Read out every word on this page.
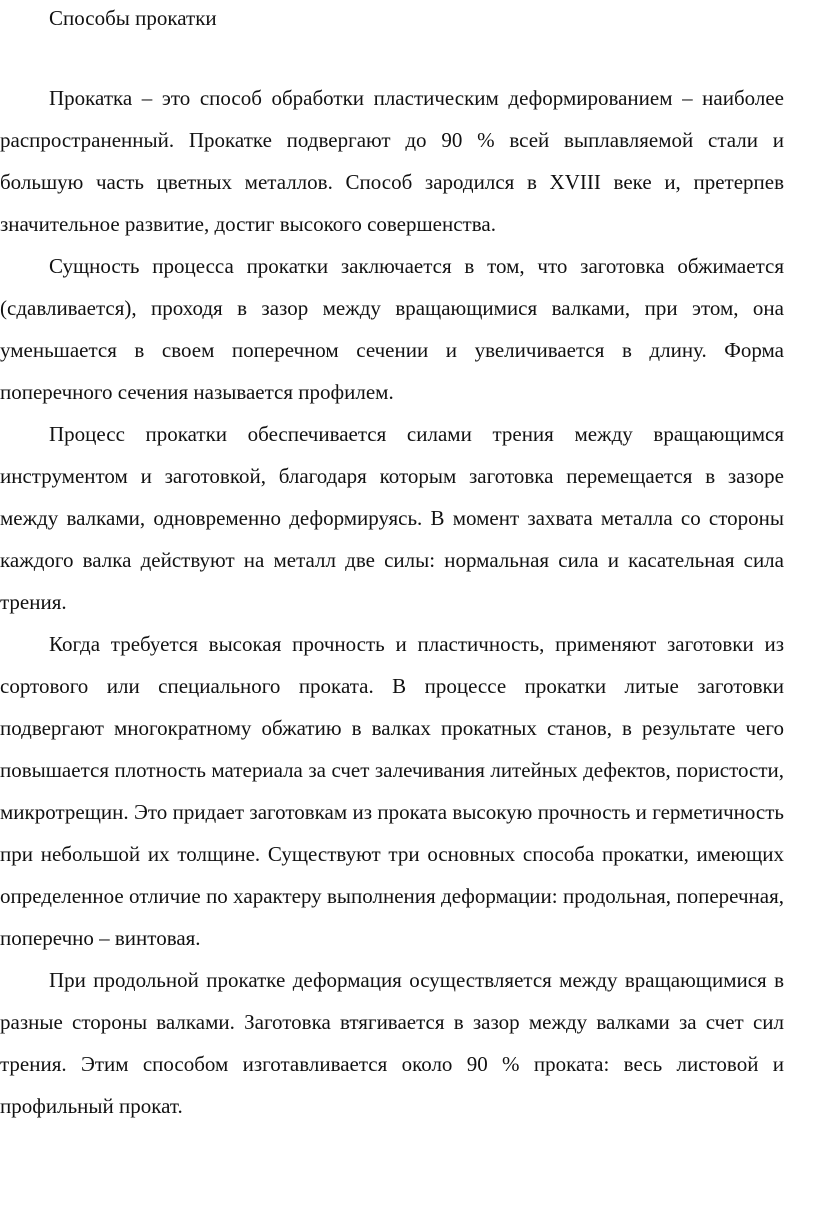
Способы прокатки

Прокатка – это способ обработки пластическим деформированием – наиболее распространенный. Прокатке подвергают до 90 % всей выплавляемой стали и большую часть цветных металлов. Способ зародился в XVIII веке и, претерпев значительное развитие, достиг высокого совершенства.

Сущность процесса прокатки заключается в том, что заготовка обжимается (сдавливается), проходя в зазор между вращающимися валками, при этом, она уменьшается в своем поперечном сечении и увеличивается в длину. Форма поперечного сечения называется профилем.

Процесс прокатки обеспечивается силами трения между вращающимся инструментом и заготовкой, благодаря которым заготовка перемещается в зазоре между валками, одновременно деформируясь. В момент захвата металла со стороны каждого валка действуют на металл две силы: нормальная сила и касательная сила трения.

Когда требуется высокая прочность и пластичность, применяют заготовки из сортового или специального проката. В процессе прокатки литые заготовки подвергают многократному обжатию в валках прокатных станов, в результате чего повышается плотность материала за счет залечивания литейных дефектов, пористости, микротрещин. Это придает заготовкам из проката высокую прочность и герметичность при небольшой их толщине. Существуют три основных способа прокатки, имеющих определенное отличие по характеру выполнения деформации: продольная, поперечная, поперечно – винтовая.

При продольной прокатке деформация осуществляется между вращающимися в разные стороны валками. Заготовка втягивается в зазор между валками за счет сил трения. Этим способом изготавливается около 90 % проката: весь листовой и профильный прокат.
